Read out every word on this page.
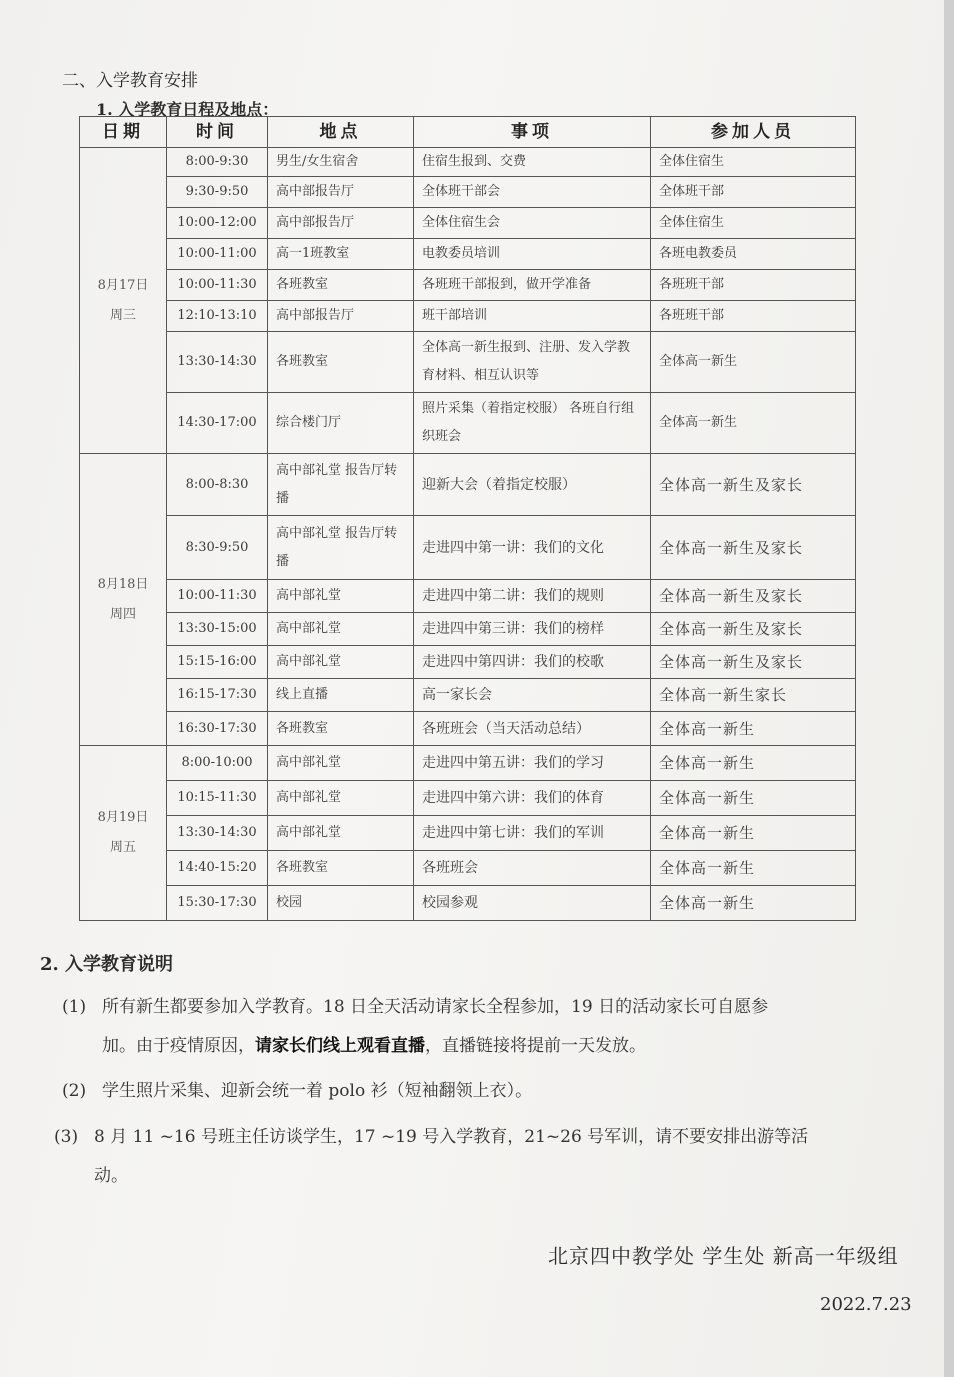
二、入学教育安排
1. 入学教育日程及地点：
日期	时间	地点	事项	参加人员

8月17日
周三	8:00-9:30	男生/女生宿舍	住宿生报到、交费	全体住宿生
	9:30-9:50	高中部报告厅	全体班干部会	全体班干部
	10:00-12:00	高中部报告厅	全体住宿生会	全体住宿生
	10:00-11:00	高一1班教室	电教委员培训	各班电教委员
	10:00-11:30	各班教室	各班班干部报到，做开学准备	各班班干部
	12:10-13:10	高中部报告厅	班干部培训	各班班干部
	13:30-14:30	各班教室	全体高一新生报到、注册、发入学教育材料、相互认识等	全体高一新生
	14:30-17:00	综合楼门厅	照片采集（着指定校服） 各班自行组织班会	全体高一新生

8月18日
周四	8:00-8:30	高中部礼堂 报告厅转播	迎新大会（着指定校服）	全体高一新生及家长
	8:30-9:50	高中部礼堂 报告厅转播	走进四中第一讲：我们的文化	全体高一新生及家长
	10:00-11:30	高中部礼堂	走进四中第二讲：我们的规则	全体高一新生及家长
	13:30-15:00	高中部礼堂	走进四中第三讲：我们的榜样	全体高一新生及家长
	15:15-16:00	高中部礼堂	走进四中第四讲：我们的校歌	全体高一新生及家长
	16:15-17:30	线上直播	高一家长会	全体高一新生家长
	16:30-17:30	各班教室	各班班会（当天活动总结）	全体高一新生

8月19日
周五	8:00-10:00	高中部礼堂	走进四中第五讲：我们的学习	全体高一新生
	10:15-11:30	高中部礼堂	走进四中第六讲：我们的体育	全体高一新生
	13:30-14:30	高中部礼堂	走进四中第七讲：我们的军训	全体高一新生
	14:40-15:20	各班教室	各班班会	全体高一新生
	15:30-17:30	校园	校园参观	全体高一新生
2. 入学教育说明
(1) 所有新生都要参加入学教育。18 日全天活动请家长全程参加，19 日的活动家长可自愿参
加。由于疫情原因，请家长们线上观看直播，直播链接将提前一天发放。
(2) 学生照片采集、迎新会统一着 polo 衫（短袖翻领上衣）。
(3) 8 月 11 ~16 号班主任访谈学生，17 ~19 号入学教育，21~26 号军训，请不要安排出游等活
动。
北京四中教学处 学生处 新高一年级组
2022.7.23
